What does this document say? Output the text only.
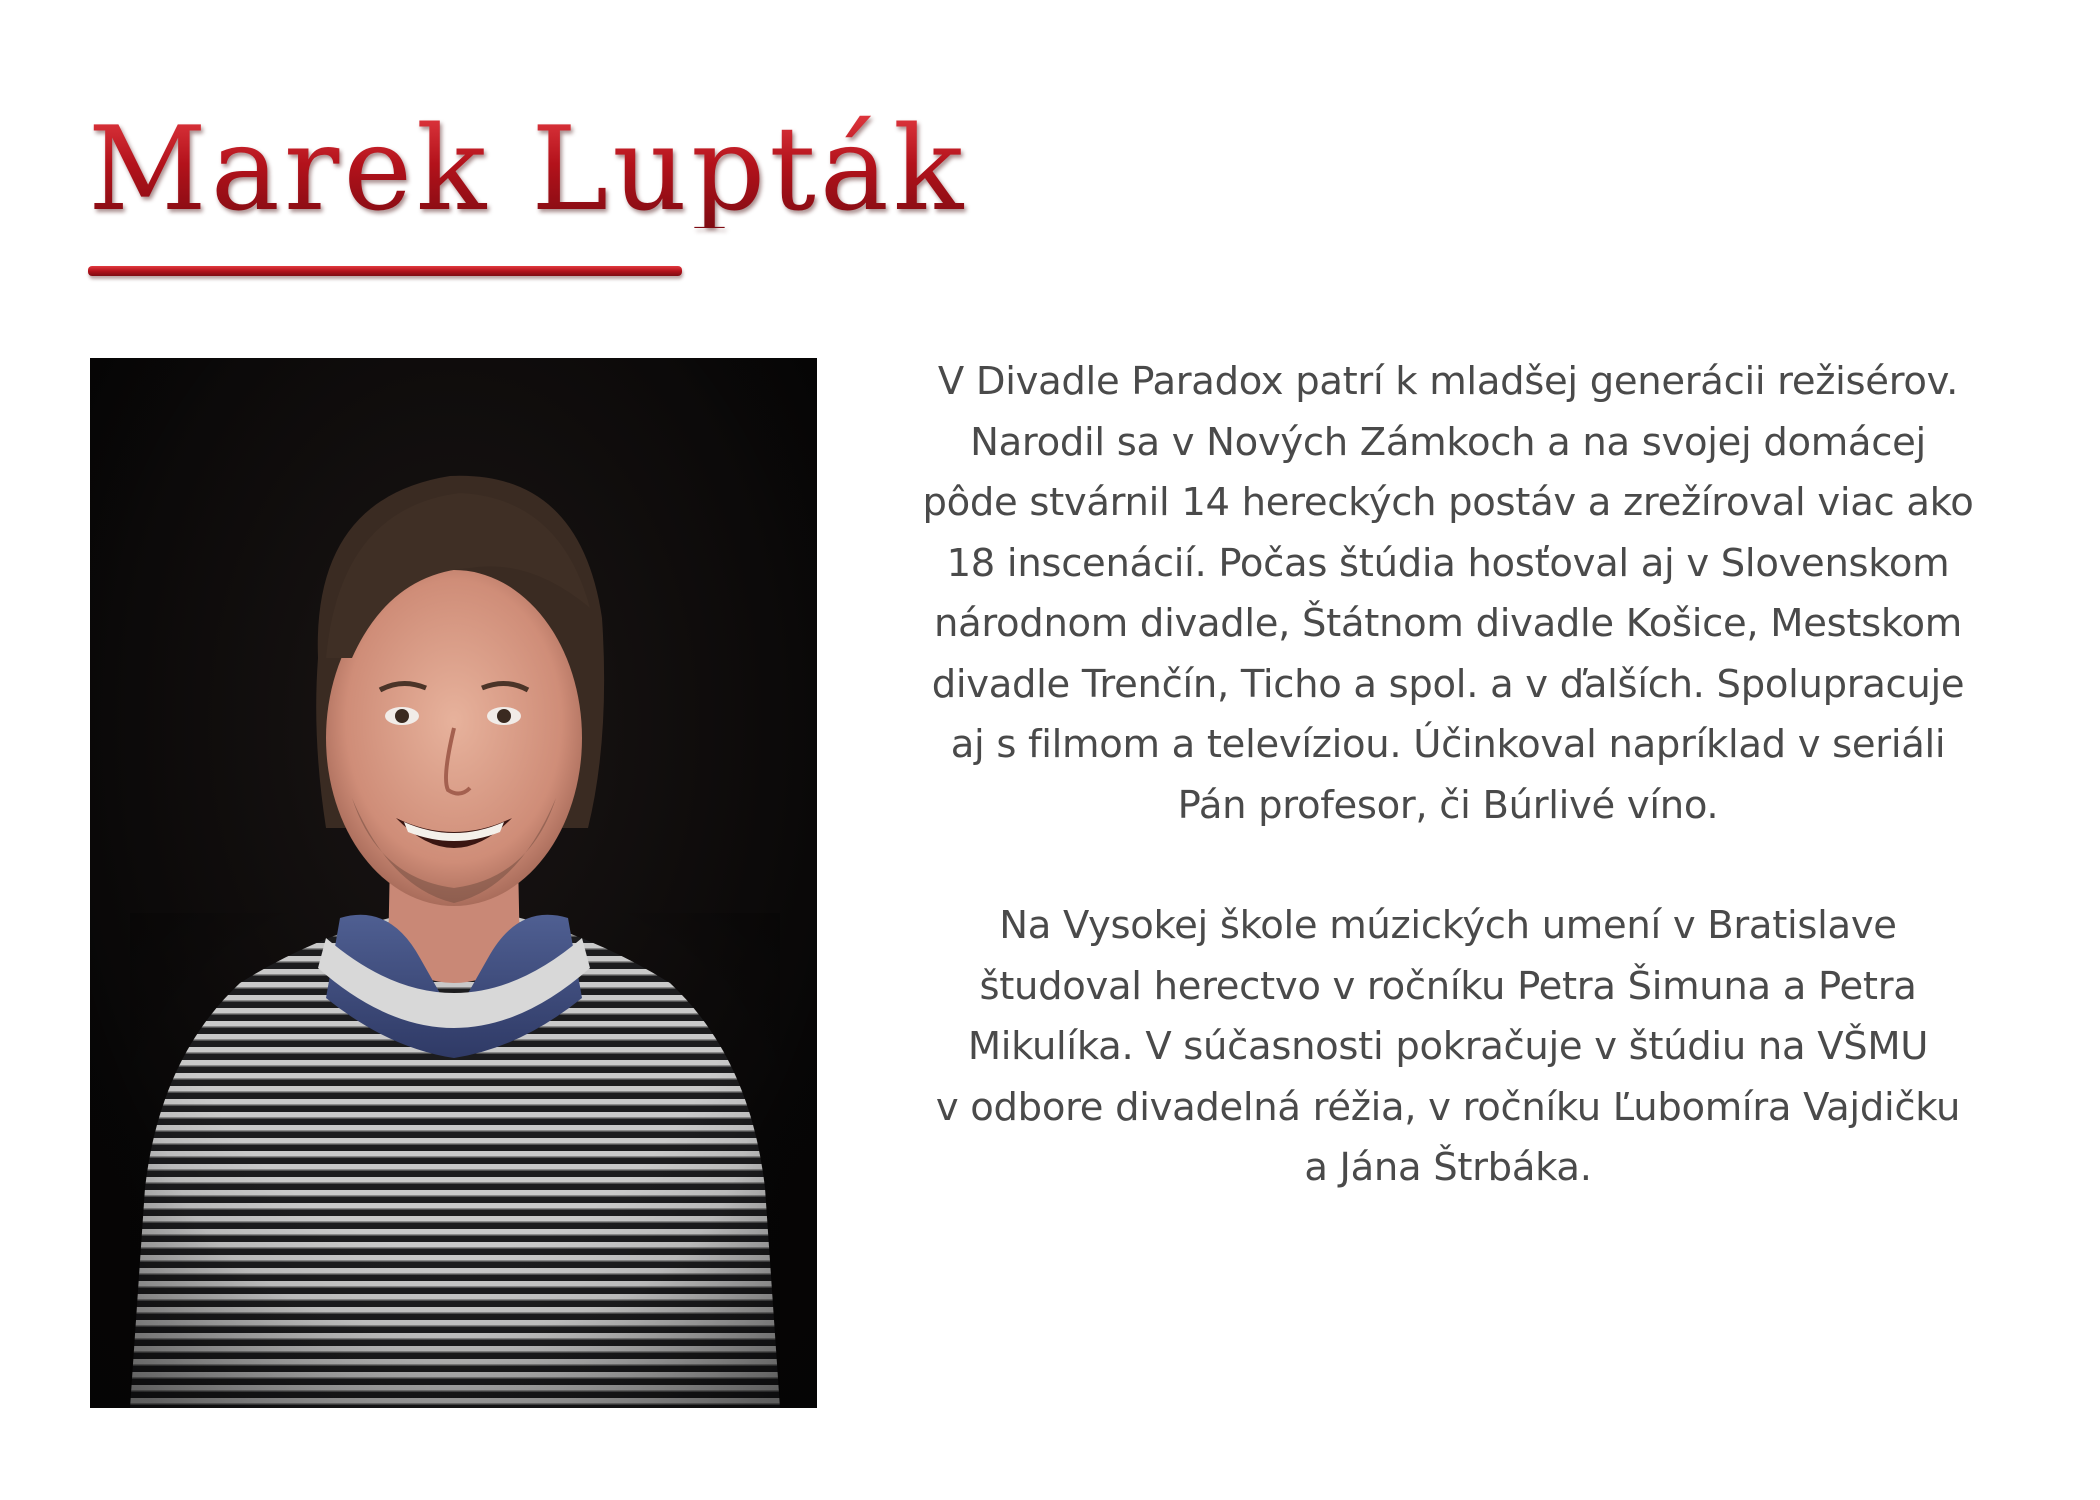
Marek Lupták

V Divadle Paradox patrí k mladšej generácii režisérov.
Narodil sa v Nových Zámkoch a na svojej domácej
pôde stvárnil 14 hereckých postáv a zrežíroval viac ako
18 inscenácií. Počas štúdia hosťoval aj v Slovenskom
národnom divadle, Štátnom divadle Košice, Mestskom
divadle Trenčín, Ticho a spol. a v ďalších. Spolupracuje
aj s filmom a televíziou. Účinkoval napríklad v seriáli
Pán profesor, či Búrlivé víno.

Na Vysokej škole múzických umení v Bratislave
študoval herectvo v ročníku Petra Šimuna a Petra
Mikulíka. V súčasnosti pokračuje v štúdiu na VŠMU
v odbore divadelná réžia, v ročníku Ľubomíra Vajdičku
a Jána Štrbáka.
